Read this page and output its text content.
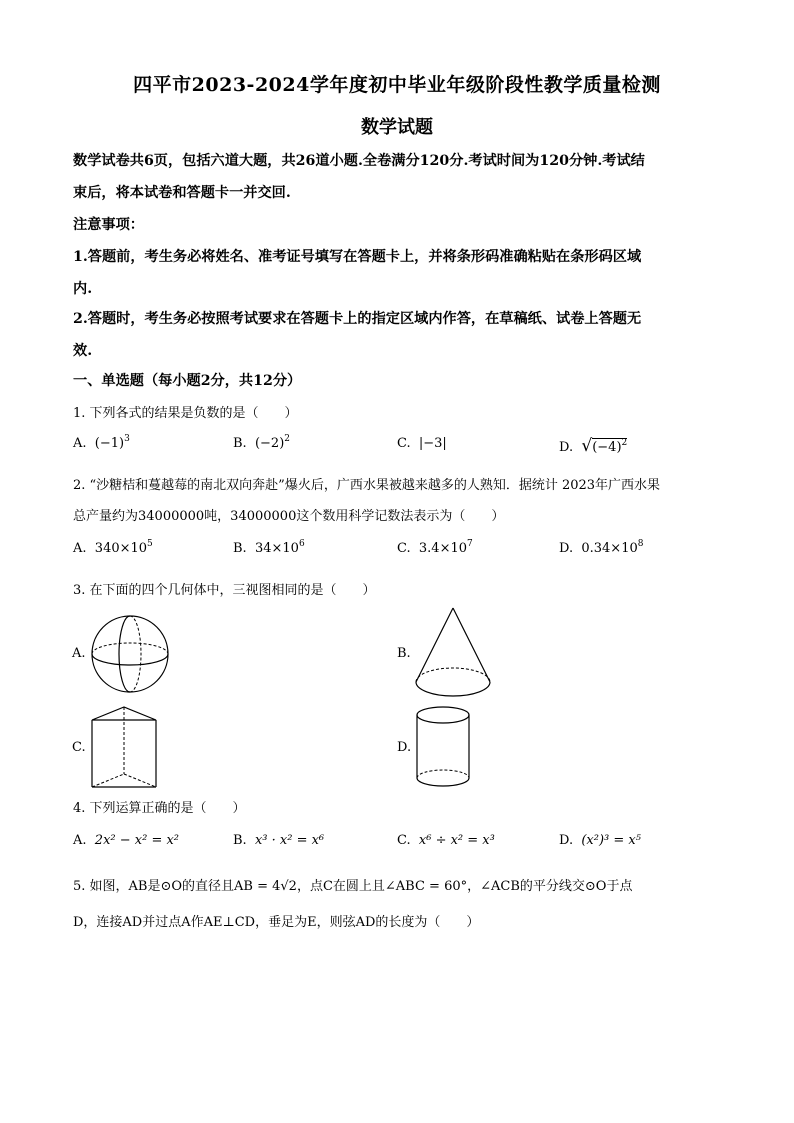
四平市2023-2024学年度初中毕业年级阶段性教学质量检测
数学试题
数学试卷共6页，包括六道大题，共26道小题.全卷满分120分.考试时间为120分钟.考试结
束后，将本试卷和答题卡一并交回.
注意事项：
1.答题前，考生务必将姓名、准考证号填写在答题卡上，并将条形码准确粘贴在条形码区域
内.
2.答题时，考生务必按照考试要求在答题卡上的指定区域内作答，在草稿纸、试卷上答题无
效.
一、单选题（每小题2分，共12分）
1. 下列各式的结果是负数的是（　　）
A. $(-1)^3$	B. $(-2)^2$	C. |−3|	D. $√(-4)^2$
2. “沙糖桔和蔓越莓的南北双向奔赴”爆火后，广西水果被越来越多的人熟知．据统计 2023年广西水果
总产量约为34000000吨，34000000这个数用科学记数法表示为（　　）
A. $340\times 10^5$	B. $34\times 10^6$	C. $3.4\times 10^7$	D. $0.34\times 10^8$
3. 在下面的四个几何体中，三视图相同的是（　　）
A.	B.
C.	D.
4. 下列运算正确的是（　　）
A. 2x² − x² = x²	B. x³ · x² = x⁶	C. x⁶ ÷ x² = x³	D. (x²)³ = x⁵
5. 如图，AB是⊙O的直径且AB = 4√2，点C在圆上且∠ABC = 60°，∠ACB的平分线交⊙O于点
D，连接AD并过点A作AE⊥CD，垂足为E，则弦AD的长度为（　　）
